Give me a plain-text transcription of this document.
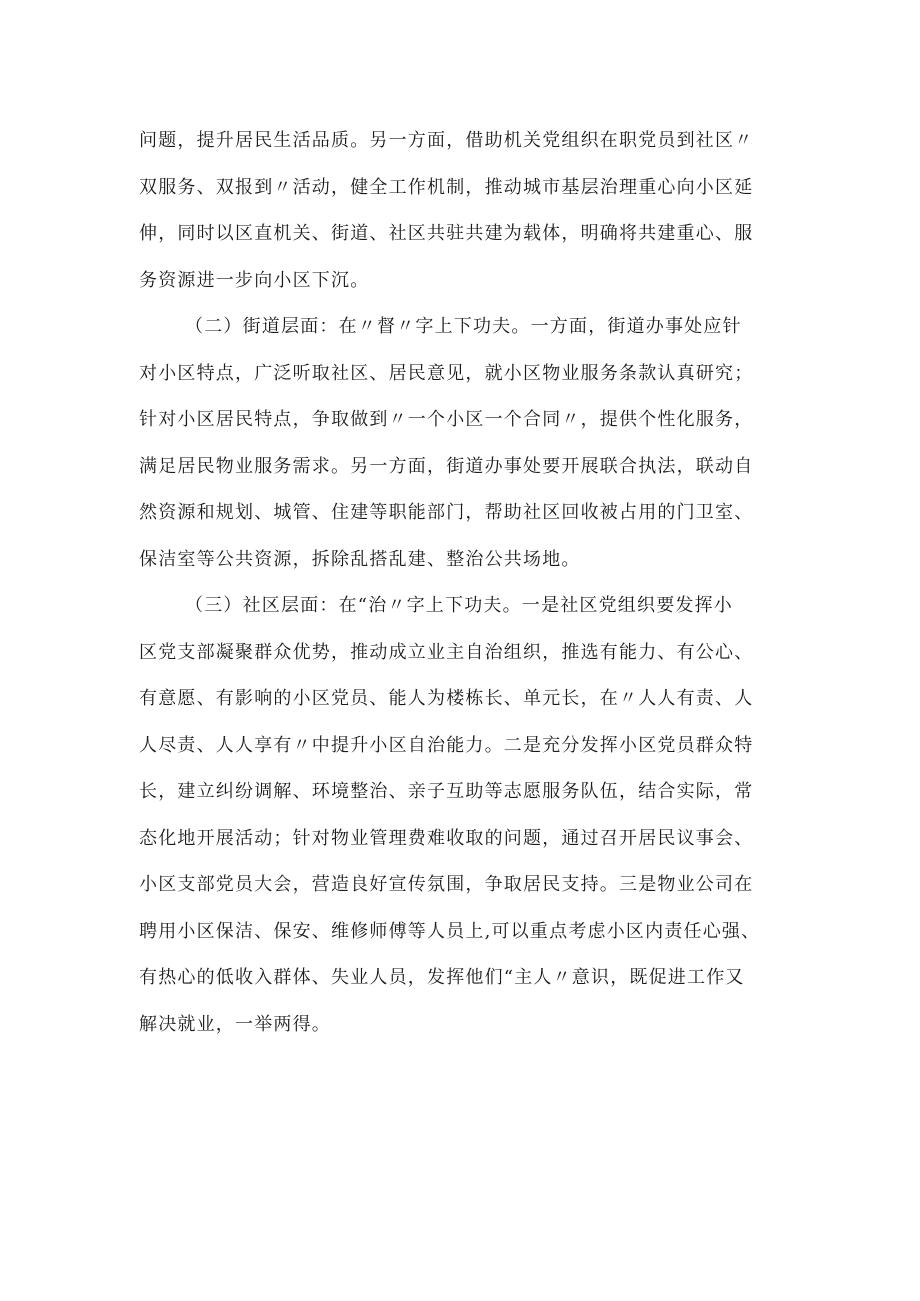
问题，提升居民生活品质。另一方面，借助机关党组织在职党员到社区〃
双服务、双报到〃活动，健全工作机制，推动城市基层治理重心向小区延
伸，同时以区直机关、街道、社区共驻共建为载体，明确将共建重心、服
务资源进一步向小区下沉。
（二）街道层面：在〃督〃字上下功夫。一方面，街道办事处应针
对小区特点，广泛听取社区、居民意见，就小区物业服务条款认真研究；
针对小区居民特点，争取做到〃一个小区一个合同〃，提供个性化服务，
满足居民物业服务需求。另一方面，街道办事处要开展联合执法，联动自
然资源和规划、城管、住建等职能部门，帮助社区回收被占用的门卫室、
保洁室等公共资源，拆除乱搭乱建、整治公共场地。
（三）社区层面：在“治〃字上下功夫。一是社区党组织要发挥小
区党支部凝聚群众优势，推动成立业主自治组织，推选有能力、有公心、
有意愿、有影响的小区党员、能人为楼栋长、单元长，在〃人人有责、人
人尽责、人人享有〃中提升小区自治能力。二是充分发挥小区党员群众特
长，建立纠纷调解、环境整治、亲子互助等志愿服务队伍，结合实际，常
态化地开展活动；针对物业管理费难收取的问题，通过召开居民议事会、
小区支部党员大会，营造良好宣传氛围，争取居民支持。三是物业公司在
聘用小区保洁、保安、维修师傅等人员上,可以重点考虑小区内责任心强、
有热心的低收入群体、失业人员，发挥他们“主人〃意识，既促进工作又
解决就业，一举两得。
